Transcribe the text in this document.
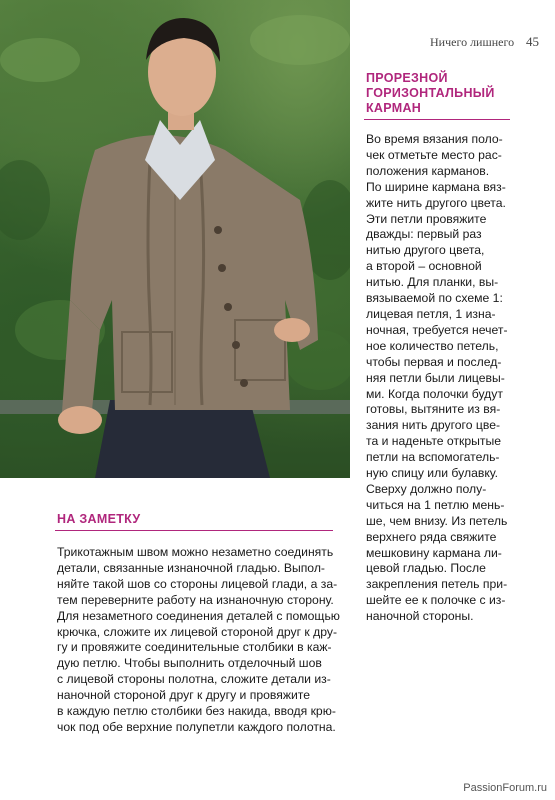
Ничего лишнего 45
ПРОРЕЗНОЙ ГОРИЗОНТАЛЬНЫЙ КАРМАН
Во время вязания поло-
чек отметьте место рас-
положения карманов.
По ширине кармана вяз-
жите нить другого цвета.
Эти петли провяжите
дважды: первый раз
нитью другого цвета,
а второй – основной
нитью. Для планки, вы-
вязываемой по схеме 1:
лицевая петля, 1 изна-
ночная, требуется нечет-
ное количество петель,
чтобы первая и послед-
няя петли были лицевы-
ми. Когда полочки будут
готовы, вытяните из вя-
зания нить другого цве-
та и наденьте открытые
петли на вспомогатель-
ную спицу или булавку.
Сверху должно полу-
читься на 1 петлю мень-
ше, чем внизу. Из петель
верхнего ряда свяжите
мешковину кармана ли-
цевой гладью. После
закрепления петель при-
шейте ее к полочке с из-
наночной стороны.
НА ЗАМЕТКУ
Трикотажным швом можно незаметно соединять
детали, связанные изнаночной гладью. Выпол-
няйте такой шов со стороны лицевой глади, а за-
тем переверните работу на изнаночную сторону.
Для незаметного соединения деталей с помощью
крючка, сложите их лицевой стороной друг к дру-
гу и провяжите соединительные столбики в каж-
дую петлю. Чтобы выполнить отделочный шов
с лицевой стороны полотна, сложите детали из-
наночной стороной друг к другу и провяжите
в каждую петлю столбики без накида, вводя крю-
чок под обе верхние полупетли каждого полотна.
PassionForum.ru
